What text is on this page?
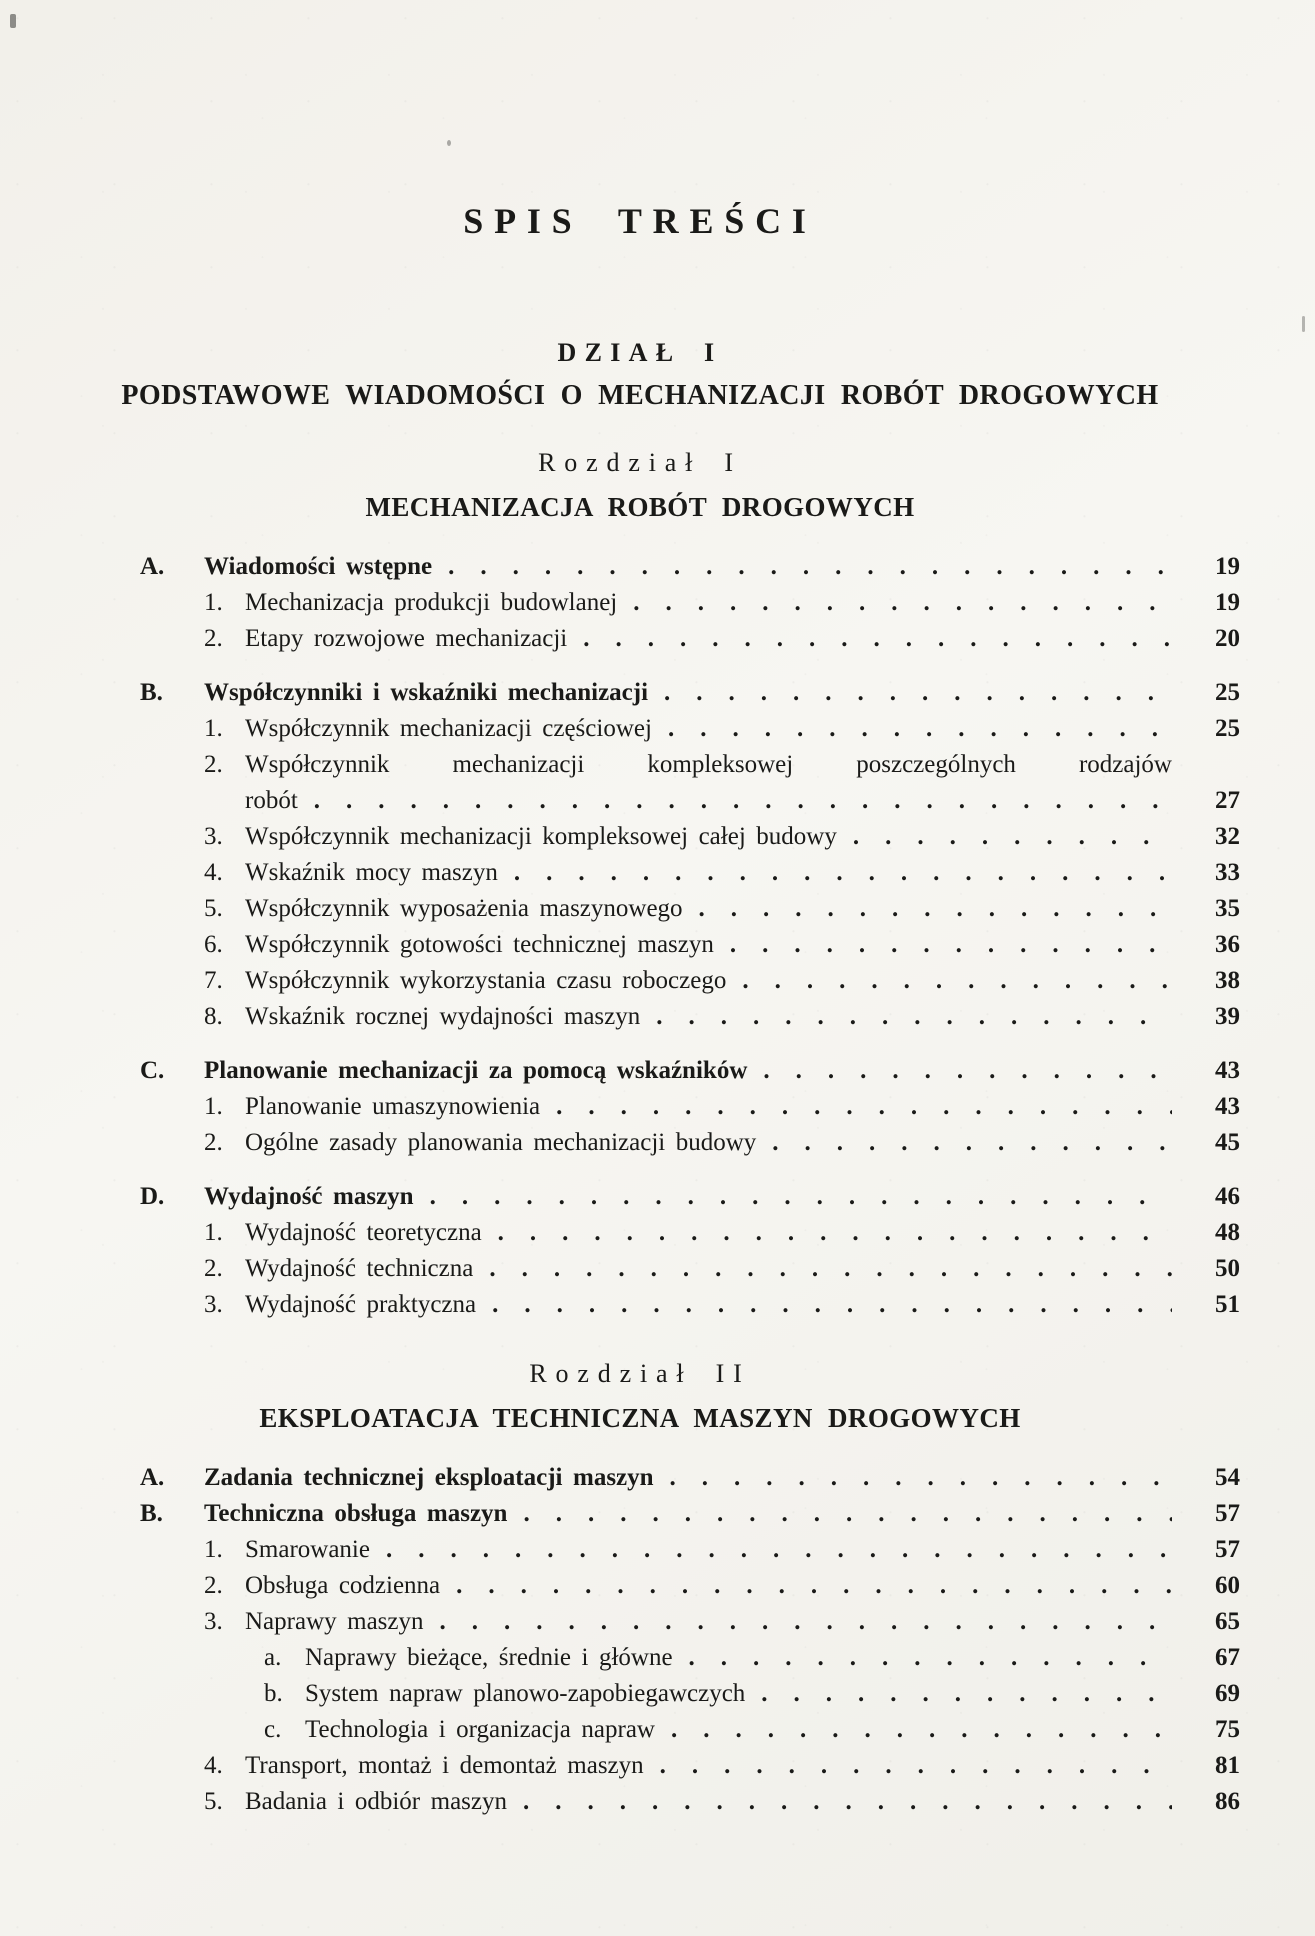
SPIS TREŚCI
DZIAŁ I
PODSTAWOWE WIADOMOŚCI O MECHANIZACJI ROBÓT DROGOWYCH
Rozdział I
MECHANIZACJA ROBÓT DROGOWYCH
A.	Wiadomości wstępne .....	19
1. Mechanizacja produkcji budowlanej .....	19
2. Etapy rozwojowe mechanizacji .....	20
B.	Współczynniki i wskaźniki mechanizacji .....	25
1. Współczynnik mechanizacji częściowej .....	25
2. Współczynnik mechanizacji kompleksowej poszczególnych rodzajów
robót .....	27
3. Współczynnik mechanizacji kompleksowej całej budowy .....	32
4. Wskaźnik mocy maszyn .....	33
5. Współczynnik wyposażenia maszynowego .....	35
6. Współczynnik gotowości technicznej maszyn .....	36
7. Współczynnik wykorzystania czasu roboczego .....	38
8. Wskaźnik rocznej wydajności maszyn .....	39
C.	Planowanie mechanizacji za pomocą wskaźników .....	43
1. Planowanie umaszynowienia .....	43
2. Ogólne zasady planowania mechanizacji budowy .....	45
D.	Wydajność maszyn .....	46
1. Wydajność teoretyczna .....	48
2. Wydajność techniczna .....	50
3. Wydajność praktyczna .....	51
Rozdział II
EKSPLOATACJA TECHNICZNA MASZYN DROGOWYCH
A.	Zadania technicznej eksploatacji maszyn .....	54
B.	Techniczna obsługa maszyn .....	57
1. Smarowanie .....	57
2. Obsługa codzienna .....	60
3. Naprawy maszyn .....	65
a. Naprawy bieżące, średnie i główne .....	67
b. System napraw planowo-zapobiegawczych .....	69
c. Technologia i organizacja napraw .....	75
4. Transport, montaż i demontaż maszyn .....	81
5. Badania i odbiór maszyn .....	86
